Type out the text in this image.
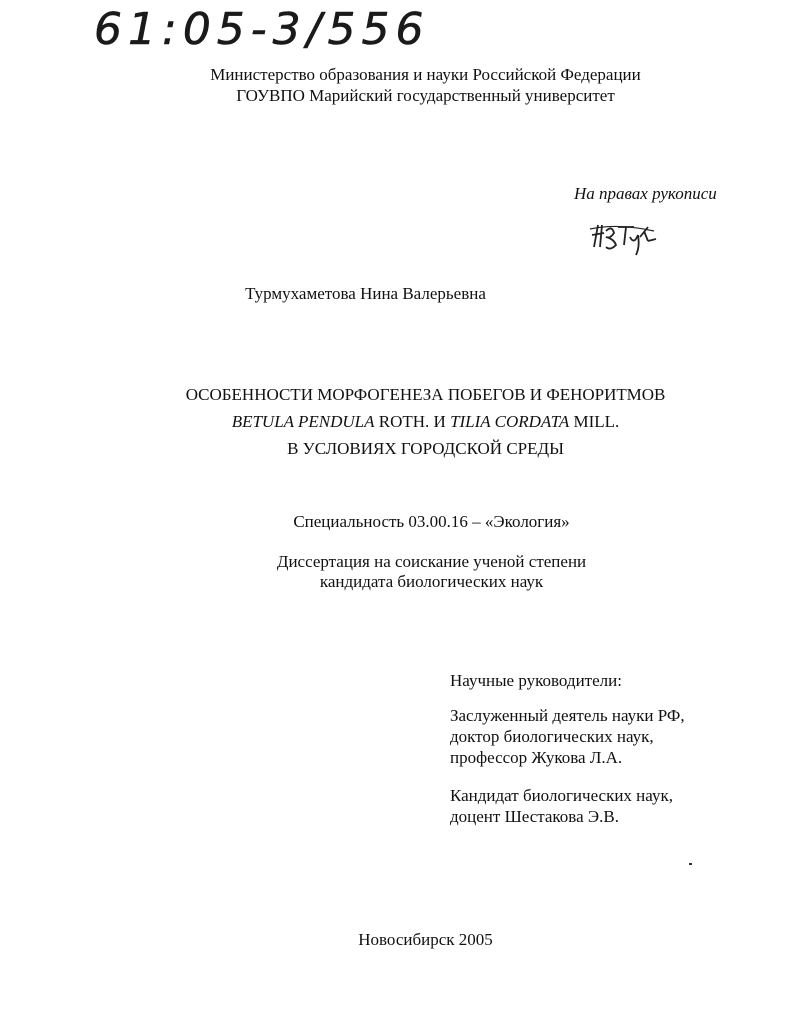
61:05-3/556
Министерство образования и науки Российской Федерации
ГОУВПО Марийский государственный университет
На правах рукописи
Турмухаметова Нина Валерьевна
ОСОБЕННОСТИ МОРФОГЕНЕЗА ПОБЕГОВ И ФЕНОРИТМОВ
BETULA PENDULA ROTH. И TILIA CORDATA MILL.
В УСЛОВИЯХ ГОРОДСКОЙ СРЕДЫ
Специальность 03.00.16 – «Экология»
Диссертация на соискание ученой степени
кандидата биологических наук
Научные руководители:
Заслуженный деятель науки РФ,
доктор биологических наук,
профессор Жукова Л.А.
Кандидат биологических наук,
доцент Шестакова Э.В.
Новосибирск 2005
